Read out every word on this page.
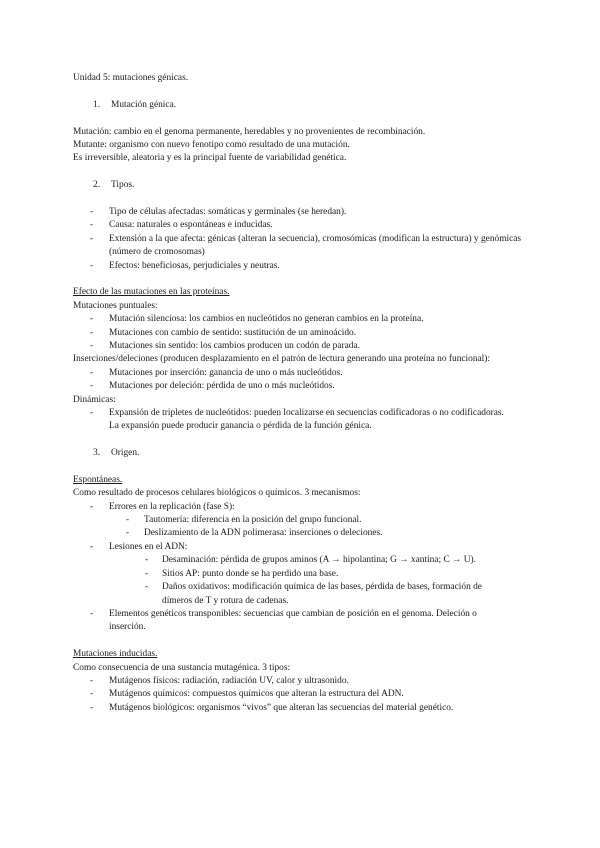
Unidad 5: mutaciones génicas.
1. Mutación génica.
Mutación: cambio en el genoma permanente, heredables y no provenientes de recombinación.
Mutante: organismo con nuevo fenotipo como resultado de una mutación.
Es irreversible, aleatoria y es la principal fuente de variabilidad genética.
2. Tipos.
- Tipo de células afectadas: somáticas y germinales (se heredan).
- Causa: naturales o espontáneas e inducidas.
- Extensión a la que afecta: génicas (alteran la secuencia), cromosómicas (modifican la estructura) y genómicas (número de cromosomas)
- Efectos: beneficiosas, perjudiciales y neutras.
Efecto de las mutaciones en las proteínas.
Mutaciones puntuales:
- Mutación silenciosa: los cambios en nucleótidos no generan cambios en la proteína.
- Mutaciones con cambio de sentido: sustitución de un aminoácido.
- Mutaciones sin sentido: los cambios producen un codón de parada.
Inserciones/deleciones (producen desplazamiento en el patrón de lectura generando una proteína no funcional):
- Mutaciones por inserción: ganancia de uno o más nucleótidos.
- Mutaciones por deleción: pérdida de uno o más nucleótidos.
Dinámicas:
- Expansión de tripletes de nucleótidos: pueden localizarse en secuencias codificadoras o no codificadoras. La expansión puede producir ganancia o pérdida de la función génica.
3. Origen.
Espontáneas.
Como resultado de procesos celulares biológicos o químicos. 3 mecanismos:
- Errores en la replicación (fase S):
- Tautomería: diferencia en la posición del grupo funcional.
- Deslizamiento de la ADN polimerasa: inserciones o deleciones.
- Lesiones en el ADN:
- Desaminación: pérdida de grupos aminos (A → hipolantina; G → xantina; C → U).
- Sitios AP: punto donde se ha perdido una base.
- Daños oxidativos: modificación química de las bases, pérdida de bases, formación de dímeros de T y rotura de cadenas.
- Elementos genéticos transponibles: secuencias que cambian de posición en el genoma. Deleción o inserción.
Mutaciones inducidas.
Como consecuencia de una sustancia mutagénica. 3 tipos:
- Mutágenos físicos: radiación, radiación UV, calor y ultrasonido.
- Mutágenos químicos: compuestos químicos que alteran la estructura del ADN.
- Mutágenos biológicos: organismos “vivos” que alteran las secuencias del material genético.
